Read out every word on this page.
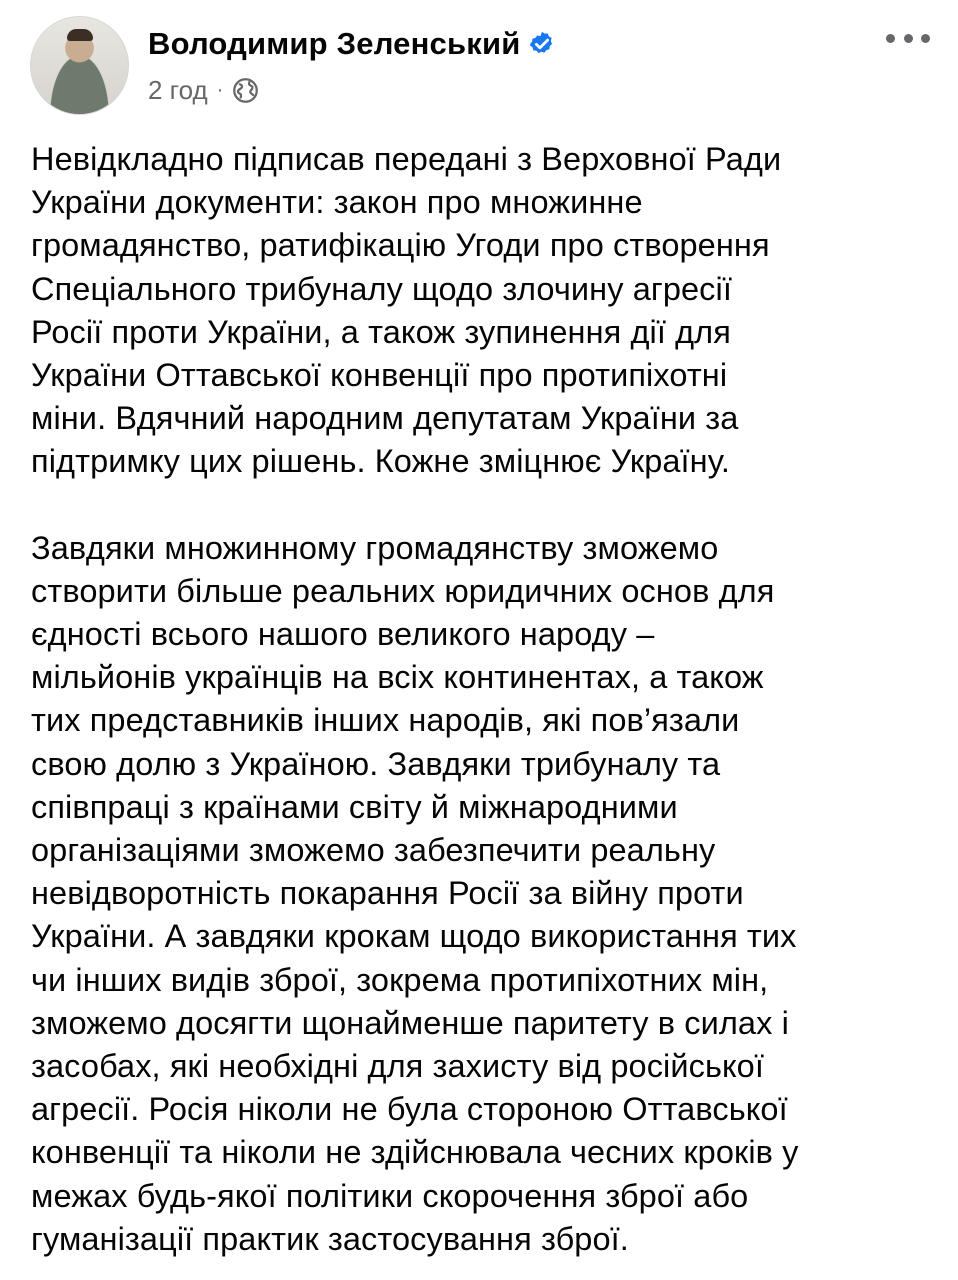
Володимир Зеленський
2 год ·

Невідкладно підписав передані з Верховної Ради
України документи: закон про множинне
громадянство, ратифікацію Угоди про створення
Спеціального трибуналу щодо злочину агресії
Росії проти України, а також зупинення дії для
України Оттавської конвенції про протипіхотні
міни. Вдячний народним депутатам України за
підтримку цих рішень. Кожне зміцнює Україну.

Завдяки множинному громадянству зможемо
створити більше реальних юридичних основ для
єдності всього нашого великого народу –
мільйонів українців на всіх континентах, а також
тих представників інших народів, які пов’язали
свою долю з Україною. Завдяки трибуналу та
співпраці з країнами світу й міжнародними
організаціями зможемо забезпечити реальну
невідворотність покарання Росії за війну проти
України. А завдяки крокам щодо використання тих
чи інших видів зброї, зокрема протипіхотних мін,
зможемо досягти щонайменше паритету в силах і
засобах, які необхідні для захисту від російської
агресії. Росія ніколи не була стороною Оттавської
конвенції та ніколи не здійснювала чесних кроків у
межах будь-якої політики скорочення зброї або
гуманізації практик застосування зброї.
